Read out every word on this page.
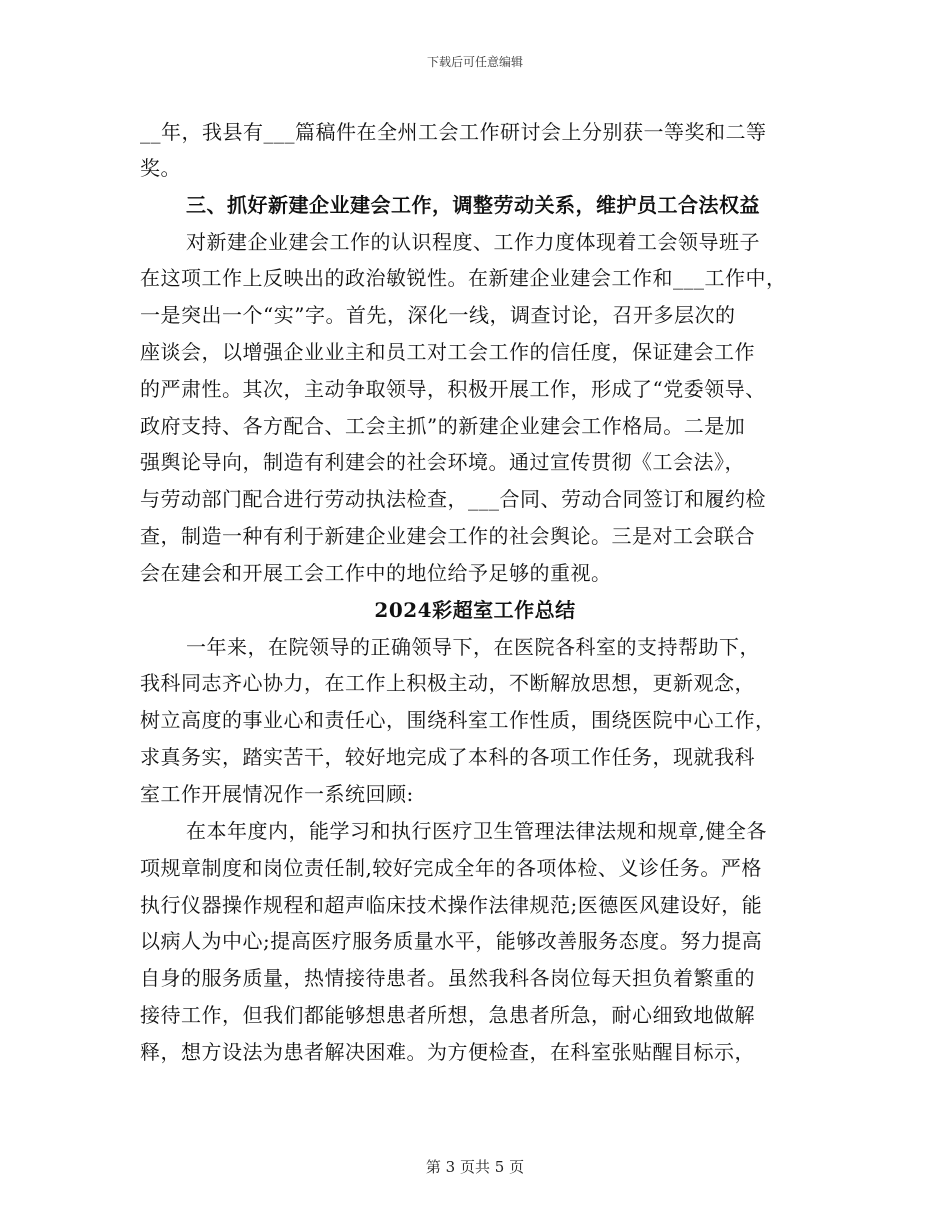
下载后可任意编辑
__年，我县有___篇稿件在全州工会工作研讨会上分别获一等奖和二等
奖。
三、抓好新建企业建会工作，调整劳动关系，维护员工合法权益
对新建企业建会工作的认识程度、工作力度体现着工会领导班子
在这项工作上反映出的政治敏锐性。在新建企业建会工作和___工作中，
一是突出一个“实”字。首先，深化一线，调查讨论，召开多层次的
座谈会，以增强企业业主和员工对工会工作的信任度，保证建会工作
的严肃性。其次，主动争取领导，积极开展工作，形成了“党委领导、
政府支持、各方配合、工会主抓”的新建企业建会工作格局。二是加
强舆论导向，制造有利建会的社会环境。通过宣传贯彻《工会法》，
与劳动部门配合进行劳动执法检查，___合同、劳动合同签订和履约检
查，制造一种有利于新建企业建会工作的社会舆论。三是对工会联合
会在建会和开展工会工作中的地位给予足够的重视。
2024彩超室工作总结
一年来，在院领导的正确领导下，在医院各科室的支持帮助下，
我科同志齐心协力，在工作上积极主动，不断解放思想，更新观念，
树立高度的事业心和责任心，围绕科室工作性质，围绕医院中心工作，
求真务实，踏实苦干，较好地完成了本科的各项工作任务，现就我科
室工作开展情况作一系统回顾:
在本年度内，能学习和执行医疗卫生管理法律法规和规章,健全各
项规章制度和岗位责任制,较好完成全年的各项体检、义诊任务。严格
执行仪器操作规程和超声临床技术操作法律规范;医德医风建设好，能
以病人为中心;提高医疗服务质量水平，能够改善服务态度。努力提高
自身的服务质量，热情接待患者。虽然我科各岗位每天担负着繁重的
接待工作，但我们都能够想患者所想，急患者所急，耐心细致地做解
释，想方设法为患者解决困难。为方便检查，在科室张贴醒目标示，
第 3 页共 5 页
